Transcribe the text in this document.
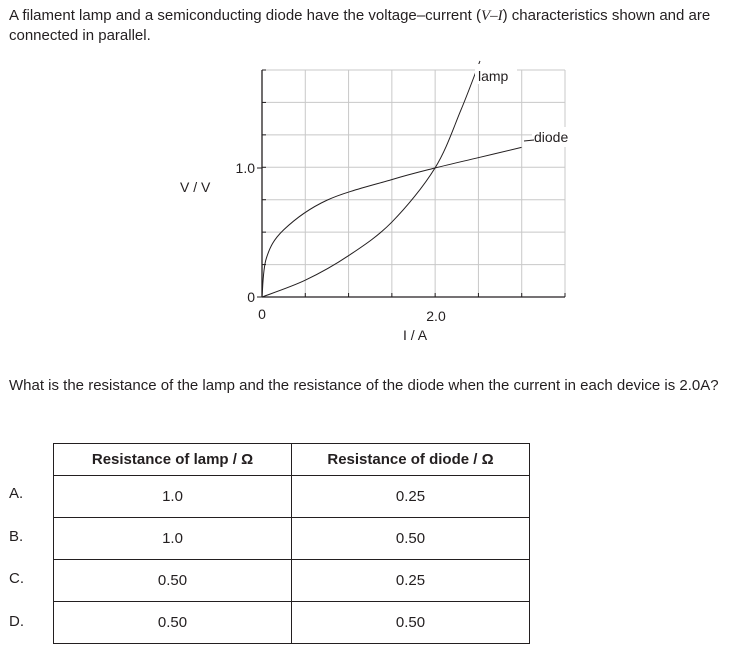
A filament lamp and a semiconducting diode have the voltage–current (V–I) characteristics shown and are connected in parallel.
1.0
0
0	2.0
V / V
I / A
lamp
diode
What is the resistance of the lamp and the resistance of the diode when the current in each device is 2.0A?
Resistance of lamp / Ω	Resistance of diode / Ω
1.0	0.25
1.0	0.50
0.50	0.25
0.50	0.50
A.
B.
C.
D.
